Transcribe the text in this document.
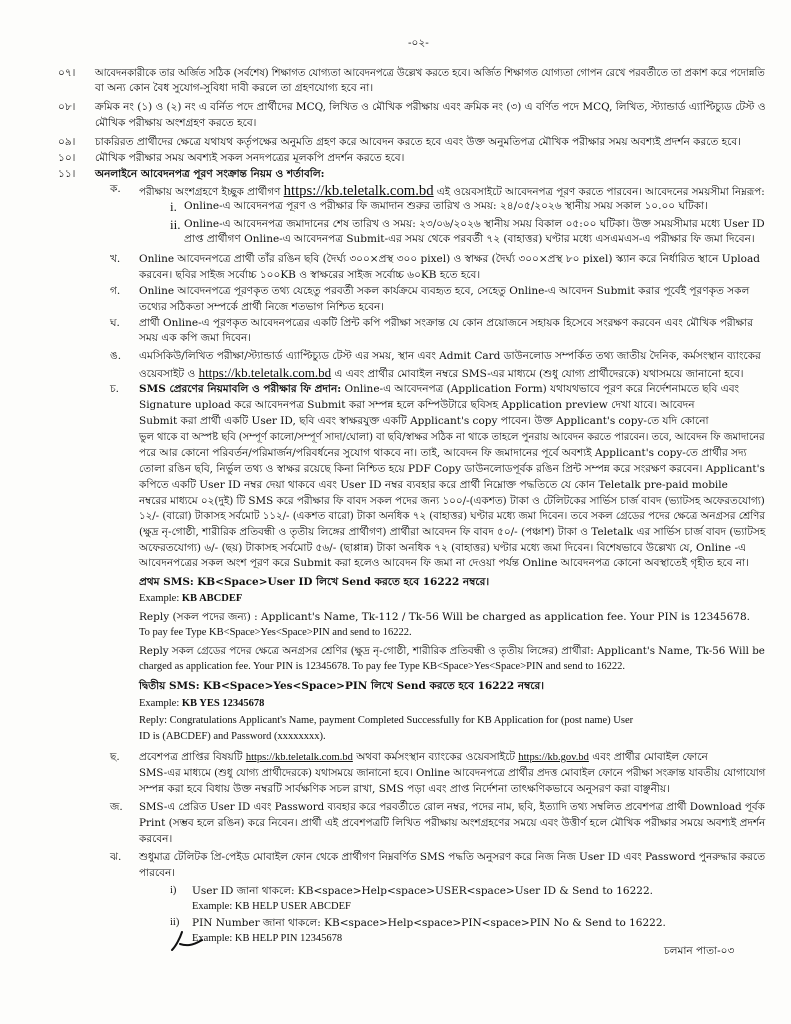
-০২-
০৭। আবেদনকারীকে তার অর্জিত সঠিক (সর্বশেষ) শিক্ষাগত যোগ্যতা আবেদনপত্রে উল্লেখ করতে হবে। অর্জিত শিক্ষাগত যোগ্যতা গোপন রেখে পরবর্তীতে তা প্রকাশ করে পদোন্নতি
বা অন্য কোন বৈধ সুযোগ-সুবিধা দাবী করলে তা গ্রহণযোগ্য হবে না।
০৮। ক্রমিক নং (১) ও (২) নং এ বর্নিত পদে প্রার্থীদের MCQ, লিখিত ও মৌখিক পরীক্ষায় এবং ক্রমিক নং (৩) এ বর্ণিত পদে MCQ, লিখিত, স্ট্যান্ডার্ড এ্যাপ্টিচ্যুড টেস্ট ও
মৌখিক পরীক্ষায় অংশগ্রহণ করতে হবে।
০৯। চাকরিরত প্রার্থীদের ক্ষেত্রে যথাযথ কর্তৃপক্ষের অনুমতি গ্রহণ করে আবেদন করতে হবে এবং উক্ত অনুমতিপত্র মৌখিক পরীক্ষার সময় অবশ্যই প্রদর্শন করতে হবে।
১০। মৌখিক পরীক্ষার সময় অবশ্যই সকল সনদপত্রের মূলকপি প্রদর্শন করতে হবে।
১১। অনলাইনে আবেদনপত্র পূরণ সংক্রান্ত নিয়ম ও শর্তাবলি:
ক. পরীক্ষায় অংশগ্রহণে ইচ্ছুক প্রার্থীগণ https://kb.teletalk.com.bd এই ওয়েবসাইটে আবেদনপত্র পূরণ করতে পারবেন। আবেদনের সময়সীমা নিম্নরূপ:
i. Online-এ আবেদনপত্র পূরণ ও পরীক্ষার ফি জমাদান শুরুর তারিখ ও সময়: ২৪/০৫/২০২৬ স্থানীয় সময় সকাল ১০.০০ ঘটিকা।
ii. Online-এ আবেদনপত্র জমাদানের শেষ তারিখ ও সময়: ২৩/০৬/২০২৬ স্থানীয় সময় বিকাল ০৫:০০ ঘটিকা। উক্ত সময়সীমার মধ্যে User ID
প্রাপ্ত প্রার্থীগণ Online-এ আবেদনপত্র Submit-এর সময় থেকে পরবর্তী ৭২ (বাহাত্তর) ঘণ্টার মধ্যে এসএমএস-এ পরীক্ষার ফি জমা দিবেন।
খ. Online আবেদনপত্রে প্রার্থী তাঁর রঙিন ছবি (দৈর্ঘ্য ৩০০×প্রস্থ ৩০০ pixel) ও স্বাক্ষর (দৈর্ঘ্য ৩০০×প্রস্থ ৮০ pixel) স্ক্যান করে নির্ধারিত স্থানে Upload
করবেন। ছবির সাইজ সর্বোচ্চ ১০০KB ও স্বাক্ষরের সাইজ সর্বোচ্চ ৬০KB হতে হবে।
গ. Online আবেদনপত্রে পূরণকৃত তথ্য যেহেতু পরবর্তী সকল কার্যক্রমে ব্যবহৃত হবে, সেহেতু Online-এ আবেদন Submit করার পূর্বেই পূরণকৃত সকল
তথ্যের সঠিকতা সম্পর্কে প্রার্থী নিজে শতভাগ নিশ্চিত হবেন।
ঘ. প্রার্থী Online-এ পূরণকৃত আবেদনপত্রের একটি প্রিন্ট কপি পরীক্ষা সংক্রান্ত যে কোন প্রয়োজনে সহায়ক হিসেবে সংরক্ষণ করবেন এবং মৌখিক পরীক্ষার
সময় এক কপি জমা দিবেন।
ঙ. এমসিকিউ/লিখিত পরীক্ষা/স্ট্যান্ডার্ড এ্যাপ্টিচ্যুড টেস্ট এর সময়, স্থান এবং Admit Card ডাউনলোড সম্পর্কিত তথ্য জাতীয় দৈনিক, কর্মসংস্থান ব্যাংকের
ওয়েবসাইট ও https://kb.teletalk.com.bd এ এবং প্রার্থীর মোবাইল নম্বরে SMS-এর মাধ্যমে (শুধু যোগ্য প্রার্থীদেরকে) যথাসময়ে জানানো হবে।
চ. SMS প্রেরণের নিয়মাবলি ও পরীক্ষার ফি প্রদান: Online-এ আবেদনপত্র (Application Form) যথাযথভাবে পূরণ করে নির্দেশনামতে ছবি এবং
Signature upload করে আবেদনপত্র Submit করা সম্পন্ন হলে কম্পিউটারে ছবিসহ Application preview দেখা যাবে। আবেদন
Submit করা প্রার্থী একটি User ID, ছবি এবং স্বাক্ষরযুক্ত একটি Applicant's copy পাবেন। উক্ত Applicant's copy-তে যদি কোনো
ভুল থাকে বা অস্পষ্ট ছবি (সম্পূর্ণ কালো/সম্পূর্ণ সাদা/ঘোলা) বা ছবি/স্বাক্ষর সঠিক না থাকে তাহলে পুনরায় আবেদন করতে পারবেন। তবে, আবেদন ফি জমাদানের
পরে আর কোনো পরিবর্তন/পরিমার্জন/পরিবর্ধনের সুযোগ থাকবে না। তাই, আবেদন ফি জমাদানের পূর্বে অবশ্যই Applicant's copy-তে প্রার্থীর সদ্য
তোলা রঙিন ছবি, নির্ভুল তথ্য ও স্বাক্ষর রয়েছে কিনা নিশ্চিত হয়ে PDF Copy ডাউনলোডপূর্বক রঙিন প্রিন্ট সম্পন্ন করে সংরক্ষণ করবেন। Applicant's
কপিতে একটি User ID নম্বর দেয়া থাকবে এবং User ID নম্বর ব্যবহার করে প্রার্থী নিম্নোক্ত পদ্ধতিতে যে কোন Teletalk pre-paid mobile
নম্বরের মাধ্যমে ০২(দুই) টি SMS করে পরীক্ষার ফি বাবদ সকল পদের জন্য ১০০/-(একশত) টাকা ও টেলিটকের সার্ভিস চার্জ বাবদ (ভ্যাটসহ অফেরতযোগ্য)
১২/- (বারো) টাকাসহ সর্বমোট ১১২/- (একশত বারো) টাকা অনধিক ৭২ (বাহাত্তর) ঘণ্টার মধ্যে জমা দিবেন। তবে সকল গ্রেডের পদের ক্ষেত্রে অনগ্রসর শ্রেণির
(ক্ষুদ্র নৃ-গোষ্ঠী, শারীরিক প্রতিবন্ধী ও তৃতীয় লিঙ্গের প্রার্থীগণ) প্রার্থীরা আবেদন ফি বাবদ ৫০/- (পঞ্চাশ) টাকা ও Teletalk এর সার্ভিস চার্জ বাবদ (ভ্যাটসহ
অফেরতযোগ্য) ৬/- (ছয়) টাকাসহ সর্বমোট ৫৬/- (ছাপ্পান্ন) টাকা অনধিক ৭২ (বাহাত্তর) ঘণ্টার মধ্যে জমা দিবেন। বিশেষভাবে উল্লেখ্য যে, Online -এ
আবেদনপত্রের সকল অংশ পূরণ করে Submit করা হলেও আবেদন ফি জমা না দেওয়া পর্যন্ত Online আবেদনপত্র কোনো অবস্থাতেই গৃহীত হবে না।
প্রথম SMS: KB<Space>User ID লিখে Send করতে হবে 16222 নম্বরে।
Example: KB ABCDEF
Reply (সকল পদের জন্য) : Applicant's Name, Tk-112 / Tk-56 Will be charged as application fee. Your PIN is 12345678.
To pay fee Type KB<Space>Yes<Space>PIN and send to 16222.
Reply সকল গ্রেডের পদের ক্ষেত্রে অনগ্রসর শ্রেণির (ক্ষুদ্র নৃ-গোষ্ঠী, শারীরিক প্রতিবন্ধী ও তৃতীয় লিঙ্গের) প্রার্থীরা: Applicant's Name, Tk-56 Will be
charged as application fee. Your PIN is 12345678. To pay fee Type KB<Space>Yes<Space>PIN and send to 16222.
দ্বিতীয় SMS: KB<Space>Yes<Space>PIN লিখে Send করতে হবে 16222 নম্বরে।
Example: KB YES 12345678
Reply: Congratulations Applicant's Name, payment Completed Successfully for KB Application for (post name) User
ID is (ABCDEF) and Password (xxxxxxxx).
ছ. প্রবেশপত্র প্রাপ্তির বিষয়টি https://kb.teletalk.com.bd অথবা কর্মসংস্থান ব্যাংকের ওয়েবসাইটে https://kb.gov.bd এবং প্রার্থীর মোবাইল ফোনে
SMS-এর মাধ্যমে (শুধু যোগ্য প্রার্থীদেরকে) যথাসময়ে জানানো হবে। Online আবেদনপত্রে প্রার্থীর প্রদত্ত মোবাইল ফোনে পরীক্ষা সংক্রান্ত যাবতীয় যোগাযোগ
সম্পন্ন করা হবে বিধায় উক্ত নম্বরটি সার্বক্ষণিক সচল রাখা, SMS পড়া এবং প্রাপ্ত নির্দেশনা তাৎক্ষণিকভাবে অনুসরণ করা বাঞ্ছনীয়।
জ. SMS-এ প্রেরিত User ID এবং Password ব্যবহার করে পরবর্তীতে রোল নম্বর, পদের নাম, ছবি, ইত্যাদি তথ্য সম্বলিত প্রবেশপত্র প্রার্থী Download পূর্বক
Print (সম্ভব হলে রঙিন) করে নিবেন। প্রার্থী এই প্রবেশপত্রটি লিখিত পরীক্ষায় অংশগ্রহণের সময়ে এবং উত্তীর্ণ হলে মৌখিক পরীক্ষার সময়ে অবশ্যই প্রদর্শন
করবেন।
ঝ. শুধুমাত্র টেলিটক প্রি-পেইড মোবাইল ফোন থেকে প্রার্থীগণ নিম্নবর্ণিত SMS পদ্ধতি অনুসরণ করে নিজ নিজ User ID এবং Password পুনরুদ্ধার করতে
পারবেন।
i) User ID জানা থাকলে: KB<space>Help<space>USER<space>User ID & Send to 16222.
Example: KB HELP USER ABCDEF
ii) PIN Number জানা থাকলে: KB<space>Help<space>PIN<space>PIN No & Send to 16222.
Example: KB HELP PIN 12345678
চলমান পাতা-০৩
